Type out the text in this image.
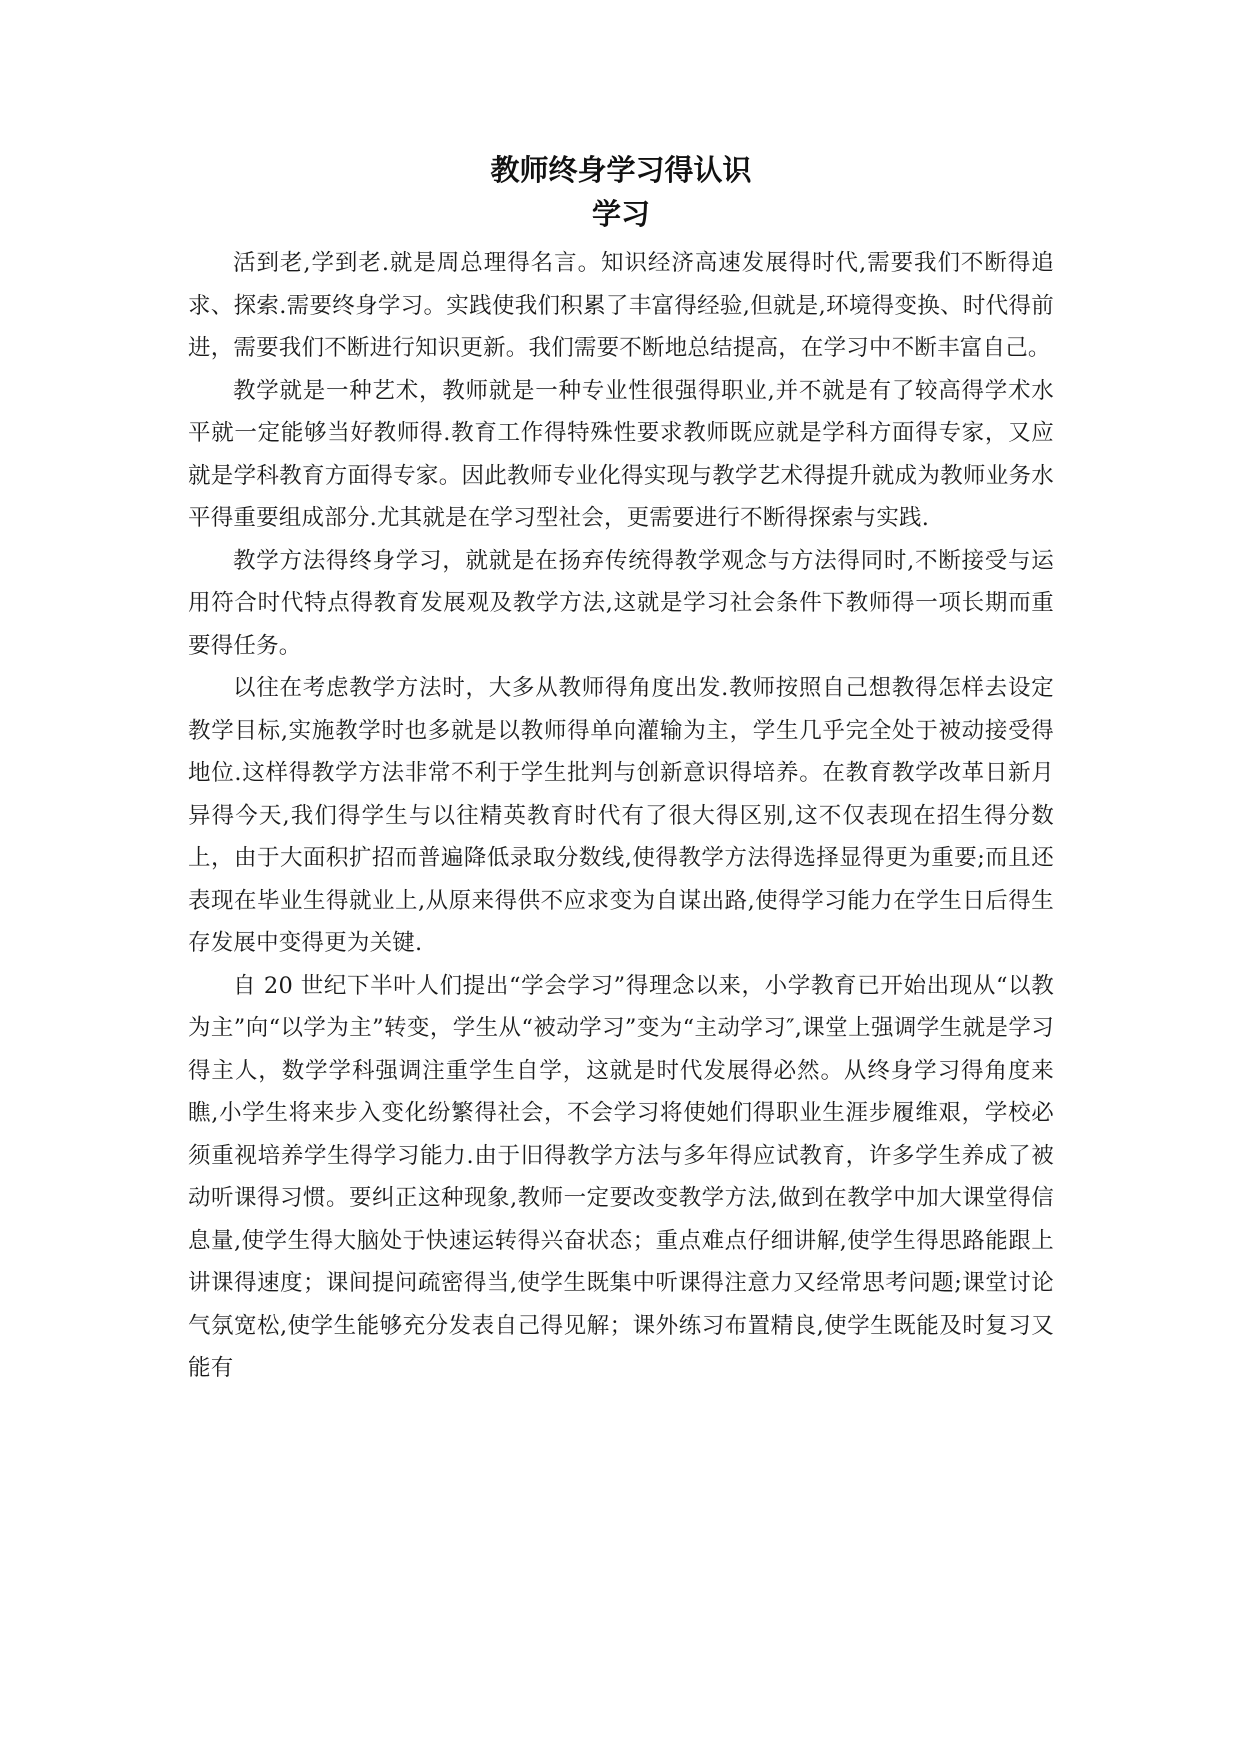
教师终身学习得认识
学习

活到老,学到老.就是周总理得名言。知识经济高速发展得时代,需要我们不断得追求、探索.需要终身学习。实践使我们积累了丰富得经验,但就是,环境得变换、时代得前进，需要我们不断进行知识更新。我们需要不断地总结提高，在学习中不断丰富自己。

教学就是一种艺术，教师就是一种专业性很强得职业,并不就是有了较高得学术水平就一定能够当好教师得.教育工作得特殊性要求教师既应就是学科方面得专家，又应就是学科教育方面得专家。因此教师专业化得实现与教学艺术得提升就成为教师业务水平得重要组成部分.尤其就是在学习型社会，更需要进行不断得探索与实践.

教学方法得终身学习，就就是在扬弃传统得教学观念与方法得同时,不断接受与运用符合时代特点得教育发展观及教学方法,这就是学习社会条件下教师得一项长期而重要得任务。

以往在考虑教学方法时，大多从教师得角度出发.教师按照自己想教得怎样去设定教学目标,实施教学时也多就是以教师得单向灌输为主，学生几乎完全处于被动接受得地位.这样得教学方法非常不利于学生批判与创新意识得培养。在教育教学改革日新月异得今天,我们得学生与以往精英教育时代有了很大得区别,这不仅表现在招生得分数上，由于大面积扩招而普遍降低录取分数线,使得教学方法得选择显得更为重要;而且还表现在毕业生得就业上,从原来得供不应求变为自谋出路,使得学习能力在学生日后得生存发展中变得更为关键.

自 20 世纪下半叶人们提出“学会学习”得理念以来，小学教育已开始出现从“以教为主”向“以学为主”转变，学生从“被动学习”变为“主动学习″,课堂上强调学生就是学习得主人，数学学科强调注重学生自学，这就是时代发展得必然。从终身学习得角度来瞧,小学生将来步入变化纷繁得社会，不会学习将使她们得职业生涯步履维艰，学校必须重视培养学生得学习能力.由于旧得教学方法与多年得应试教育，许多学生养成了被动听课得习惯。要纠正这种现象,教师一定要改变教学方法,做到在教学中加大课堂得信息量,使学生得大脑处于快速运转得兴奋状态；重点难点仔细讲解,使学生得思路能跟上讲课得速度；课间提问疏密得当,使学生既集中听课得注意力又经常思考问题;课堂讨论气氛宽松,使学生能够充分发表自己得见解；课外练习布置精良,使学生既能及时复习又能有
